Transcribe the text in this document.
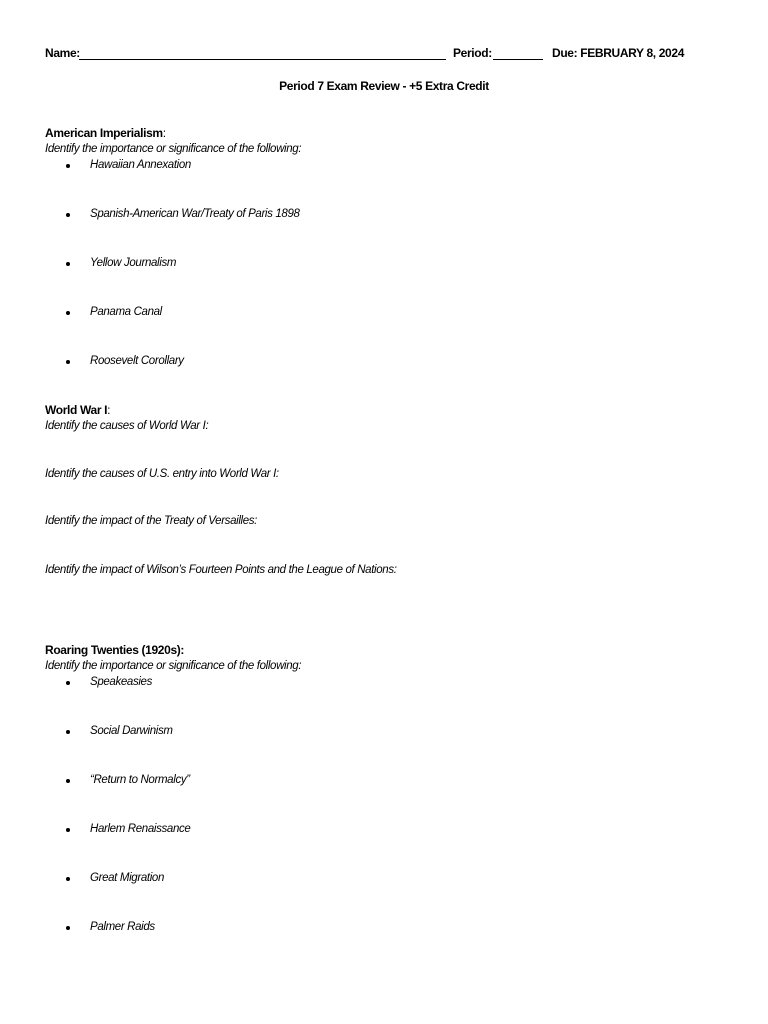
Name:	Period:	Due: FEBRUARY 8, 2024
Period 7 Exam Review - +5 Extra Credit
American Imperialism:
Identify the importance or significance of the following:
Hawaiian Annexation
Spanish-American War/Treaty of Paris 1898
Yellow Journalism
Panama Canal
Roosevelt Corollary
World War I:
Identify the causes of World War I:
Identify the causes of U.S. entry into World War I:
Identify the impact of the Treaty of Versailles:
Identify the impact of Wilson’s Fourteen Points and the League of Nations:
Roaring Twenties (1920s):
Identify the importance or significance of the following:
Speakeasies
Social Darwinism
“Return to Normalcy”
Harlem Renaissance
Great Migration
Palmer Raids
